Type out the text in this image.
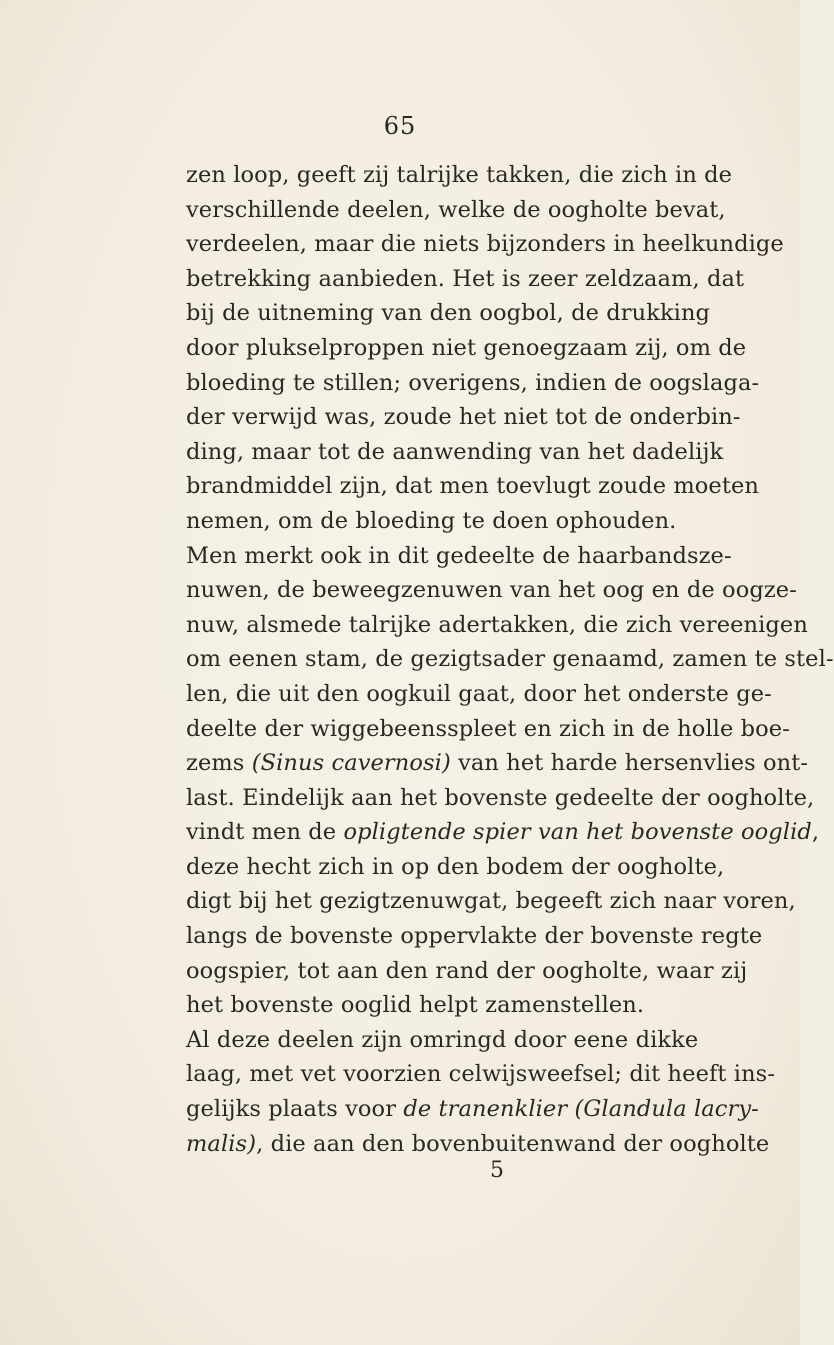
65
zen loop, geeft zij talrijke takken, die zich in de
verschillende deelen, welke de oogholte bevat,
verdeelen, maar die niets bijzonders in heelkundige
betrekking aanbieden. Het is zeer zeldzaam, dat
bij de uitneming van den oogbol, de drukking
door plukselproppen niet genoegzaam zij, om de
bloeding te stillen; overigens, indien de oogslaga-
der verwijd was, zoude het niet tot de onderbin-
ding, maar tot de aanwending van het dadelijk
brandmiddel zijn, dat men toevlugt zoude moeten
nemen, om de bloeding te doen ophouden.
Men merkt ook in dit gedeelte de haarbandsze-
nuwen, de beweegzenuwen van het oog en de oogze-
nuw, alsmede talrijke adertakken, die zich vereenigen
om eenen stam, de gezigtsader genaamd, zamen te stel-
len, die uit den oogkuil gaat, door het onderste ge-
deelte der wiggebeensspleet en zich in de holle boe-
zems (Sinus cavernosi) van het harde hersenvlies ont-
last. Eindelijk aan het bovenste gedeelte der oogholte,
vindt men de opligtende spier van het bovenste ooglid,
deze hecht zich in op den bodem der oogholte,
digt bij het gezigtzenuwgat, begeeft zich naar voren,
langs de bovenste oppervlakte der bovenste regte
oogspier, tot aan den rand der oogholte, waar zij
het bovenste ooglid helpt zamenstellen.
Al deze deelen zijn omringd door eene dikke
laag, met vet voorzien celwijsweefsel; dit heeft ins-
gelijks plaats voor de tranenklier (Glandula lacry-
malis), die aan den bovenbuitenwand der oogholte
5
